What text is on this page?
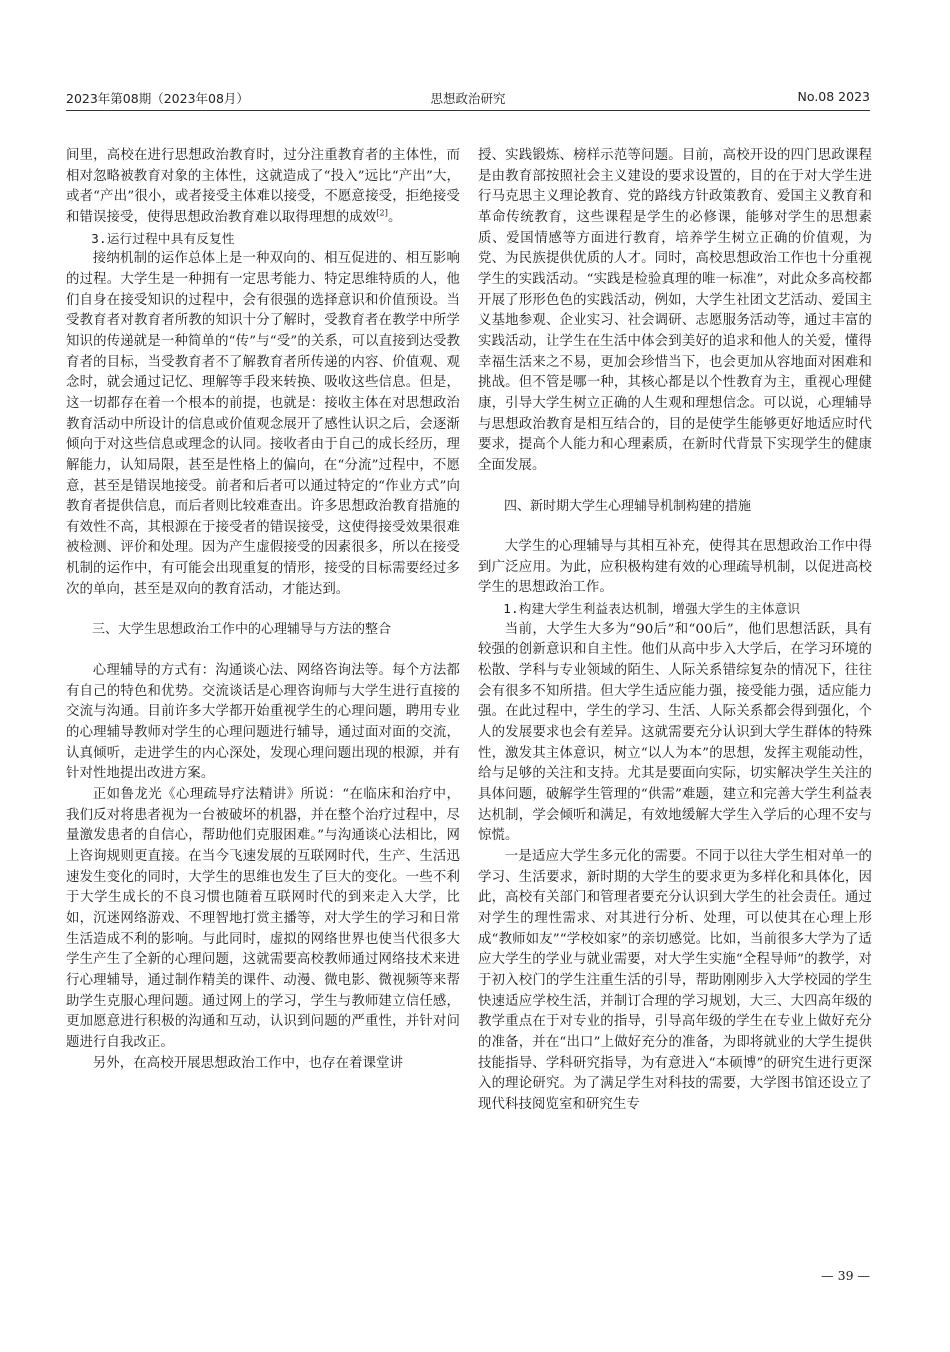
2023年第08期（2023年08月）	思想政治研究	No.08 2023

间里，高校在进行思想政治教育时，过分注重教育者的主体性，而相对忽略被教育对象的主体性，这就造成了“投入”远比“产出”大，或者“产出”很小，或者接受主体难以接受，不愿意接受，拒绝接受和错误接受，使得思想政治教育难以取得理想的成效[2]。

3.运行过程中具有反复性

接纳机制的运作总体上是一种双向的、相互促进的、相互影响的过程。大学生是一种拥有一定思考能力、特定思维特质的人，他们自身在接受知识的过程中，会有很强的选择意识和价值预设。当受教育者对教育者所教的知识十分了解时，受教育者在教学中所学知识的传递就是一种简单的“传”与“受”的关系，可以直接到达受教育者的目标，当受教育者不了解教育者所传递的内容、价值观、观念时，就会通过记忆、理解等手段来转换、吸收这些信息。但是，这一切都存在着一个根本的前提，也就是：接收主体在对思想政治教育活动中所设计的信息或价值观念展开了感性认识之后，会逐渐倾向于对这些信息或理念的认同。接收者由于自己的成长经历，理解能力，认知局限，甚至是性格上的偏向，在“分流”过程中，不愿意，甚至是错误地接受。前者和后者可以通过特定的“作业方式”向教育者提供信息，而后者则比较难查出。许多思想政治教育措施的有效性不高，其根源在于接受者的错误接受，这使得接受效果很难被检测、评价和处理。因为产生虚假接受的因素很多，所以在接受机制的运作中，有可能会出现重复的情形，接受的目标需要经过多次的单向，甚至是双向的教育活动，才能达到。

三、大学生思想政治工作中的心理辅导与方法的整合

心理辅导的方式有：沟通谈心法、网络咨询法等。每个方法都有自己的特色和优势。交流谈话是心理咨询师与大学生进行直接的交流与沟通。目前许多大学都开始重视学生的心理问题，聘用专业的心理辅导教师对学生的心理问题进行辅导，通过面对面的交流，认真倾听，走进学生的内心深处，发现心理问题出现的根源，并有针对性地提出改进方案。

正如鲁龙光《心理疏导疗法精讲》所说：“在临床和治疗中，我们反对将患者视为一台被破坏的机器，并在整个治疗过程中，尽量激发患者的自信心，帮助他们克服困难。”与沟通谈心法相比，网上咨询规则更直接。在当今飞速发展的互联网时代，生产、生活迅速发生变化的同时，大学生的思维也发生了巨大的变化。一些不利于大学生成长的不良习惯也随着互联网时代的到来走入大学，比如，沉迷网络游戏、不理智地打赏主播等，对大学生的学习和日常生活造成不利的影响。与此同时，虚拟的网络世界也使当代很多大学生产生了全新的心理问题，这就需要高校教师通过网络技术来进行心理辅导，通过制作精美的课件、动漫、微电影、微视频等来帮助学生克服心理问题。通过网上的学习，学生与教师建立信任感，更加愿意进行积极的沟通和互动，认识到问题的严重性，并针对问题进行自我改正。

另外，在高校开展思想政治工作中，也存在着课堂讲

授、实践锻炼、榜样示范等问题。目前，高校开设的四门思政课程是由教育部按照社会主义建设的要求设置的，目的在于对大学生进行马克思主义理论教育、党的路线方针政策教育、爱国主义教育和革命传统教育，这些课程是学生的必修课，能够对学生的思想素质、爱国情感等方面进行教育，培养学生树立正确的价值观，为党、为民族提供优质的人才。同时，高校思想政治工作也十分重视学生的实践活动。“实践是检验真理的唯一标准”，对此众多高校都开展了形形色色的实践活动，例如，大学生社团文艺活动、爱国主义基地参观、企业实习、社会调研、志愿服务活动等，通过丰富的实践活动，让学生在生活中体会到美好的追求和他人的关爱，懂得幸福生活来之不易，更加会珍惜当下，也会更加从容地面对困难和挑战。但不管是哪一种，其核心都是以个性教育为主，重视心理健康，引导大学生树立正确的人生观和理想信念。可以说，心理辅导与思想政治教育是相互结合的，目的是使学生能够更好地适应时代要求，提高个人能力和心理素质，在新时代背景下实现学生的健康全面发展。

四、新时期大学生心理辅导机制构建的措施

大学生的心理辅导与其相互补充，使得其在思想政治工作中得到广泛应用。为此，应积极构建有效的心理疏导机制，以促进高校学生的思想政治工作。

1.构建大学生利益表达机制，增强大学生的主体意识

当前，大学生大多为“90后”和“00后”，他们思想活跃，具有较强的创新意识和自主性。他们从高中步入大学后，在学习环境的松散、学科与专业领域的陌生、人际关系错综复杂的情况下，往往会有很多不知所措。但大学生适应能力强，接受能力强，适应能力强。在此过程中，学生的学习、生活、人际关系都会得到强化，个人的发展要求也会有差异。这就需要充分认识到大学生群体的特殊性，激发其主体意识，树立“以人为本”的思想，发挥主观能动性，给与足够的关注和支持。尤其是要面向实际，切实解决学生关注的具体问题，破解学生管理的“供需”难题，建立和完善大学生利益表达机制，学会倾听和满足，有效地缓解大学生入学后的心理不安与惊慌。

一是适应大学生多元化的需要。不同于以往大学生相对单一的学习、生活要求，新时期的大学生的要求更为多样化和具体化，因此，高校有关部门和管理者要充分认识到大学生的社会责任。通过对学生的理性需求、对其进行分析、处理，可以使其在心理上形成“教师如友”“学校如家”的亲切感觉。比如，当前很多大学为了适应大学生的学业与就业需要，对大学生实施“全程导师”的教学，对于初入校门的学生注重生活的引导，帮助刚刚步入大学校园的学生快速适应学校生活，并制订合理的学习规划，大三、大四高年级的教学重点在于对专业的指导，引导高年级的学生在专业上做好充分的准备，并在“出口”上做好充分的准备，为即将就业的大学生提供技能指导、学科研究指导，为有意进入“本硕博”的研究生进行更深入的理论研究。为了满足学生对科技的需要，大学图书馆还设立了现代科技阅览室和研究生专

— 39 —
